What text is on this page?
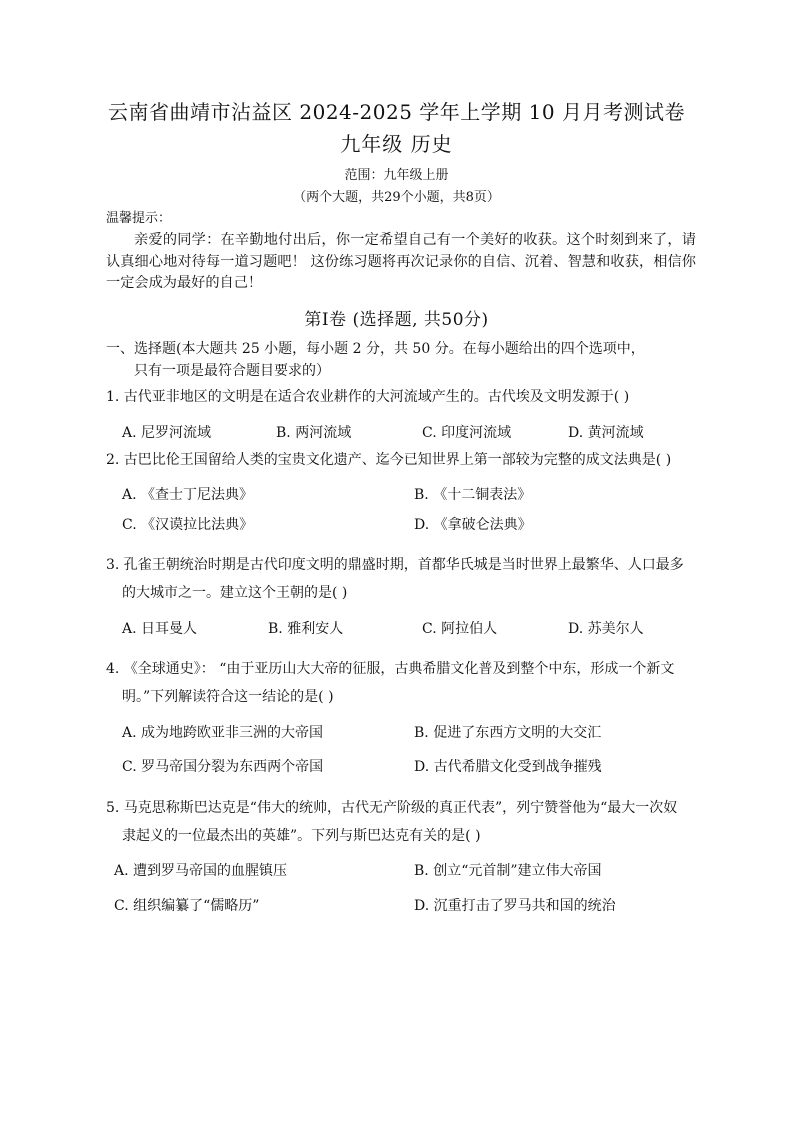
云南省曲靖市沾益区 2024-2025 学年上学期 10 月月考测试卷
九年级 历史
范围：九年级上册
（两个大题，共29个小题，共8页）
温馨提示：
亲爱的同学：在辛勤地付出后，你一定希望自己有一个美好的收获。这个时刻到来了，请认真细心地对待每一道习题吧！ 这份练习题将再次记录你的自信、沉着、智慧和收获，相信你一定会成为最好的自己！
第Ⅰ卷 (选择题, 共50分)
一、选择题(本大题共 25 小题，每小题 2 分，共 50 分。在每小题给出的四个选项中，
只有一项是最符合题目要求的）
1. 古代亚非地区的文明是在适合农业耕作的大河流域产生的。古代埃及文明发源于( )
A. 尼罗河流域	B. 两河流域	C. 印度河流域	D. 黄河流域
2. 古巴比伦王国留给人类的宝贵文化遗产、迄今已知世界上第一部较为完整的成文法典是( )
A. 《查士丁尼法典》	B. 《十二铜表法》
C. 《汉谟拉比法典》	D. 《拿破仑法典》
3. 孔雀王朝统治时期是古代印度文明的鼎盛时期，首都华氏城是当时世界上最繁华、人口最多
的大城市之一。建立这个王朝的是( )
A. 日耳曼人	B. 雅利安人	C. 阿拉伯人	D. 苏美尔人
4. 《全球通史》： “由于亚历山大大帝的征服，古典希腊文化普及到整个中东，形成一个新文
明。”下列解读符合这一结论的是( )
A. 成为地跨欧亚非三洲的大帝国	B. 促进了东西方文明的大交汇
C. 罗马帝国分裂为东西两个帝国	D. 古代希腊文化受到战争摧残
5. 马克思称斯巴达克是“伟大的统帅，古代无产阶级的真正代表”，列宁赞誉他为“最大一次奴
隶起义的一位最杰出的英雄”。下列与斯巴达克有关的是( )
A. 遭到罗马帝国的血腥镇压	B. 创立“元首制”建立伟大帝国
C. 组织编纂了“儒略历”	D. 沉重打击了罗马共和国的统治
